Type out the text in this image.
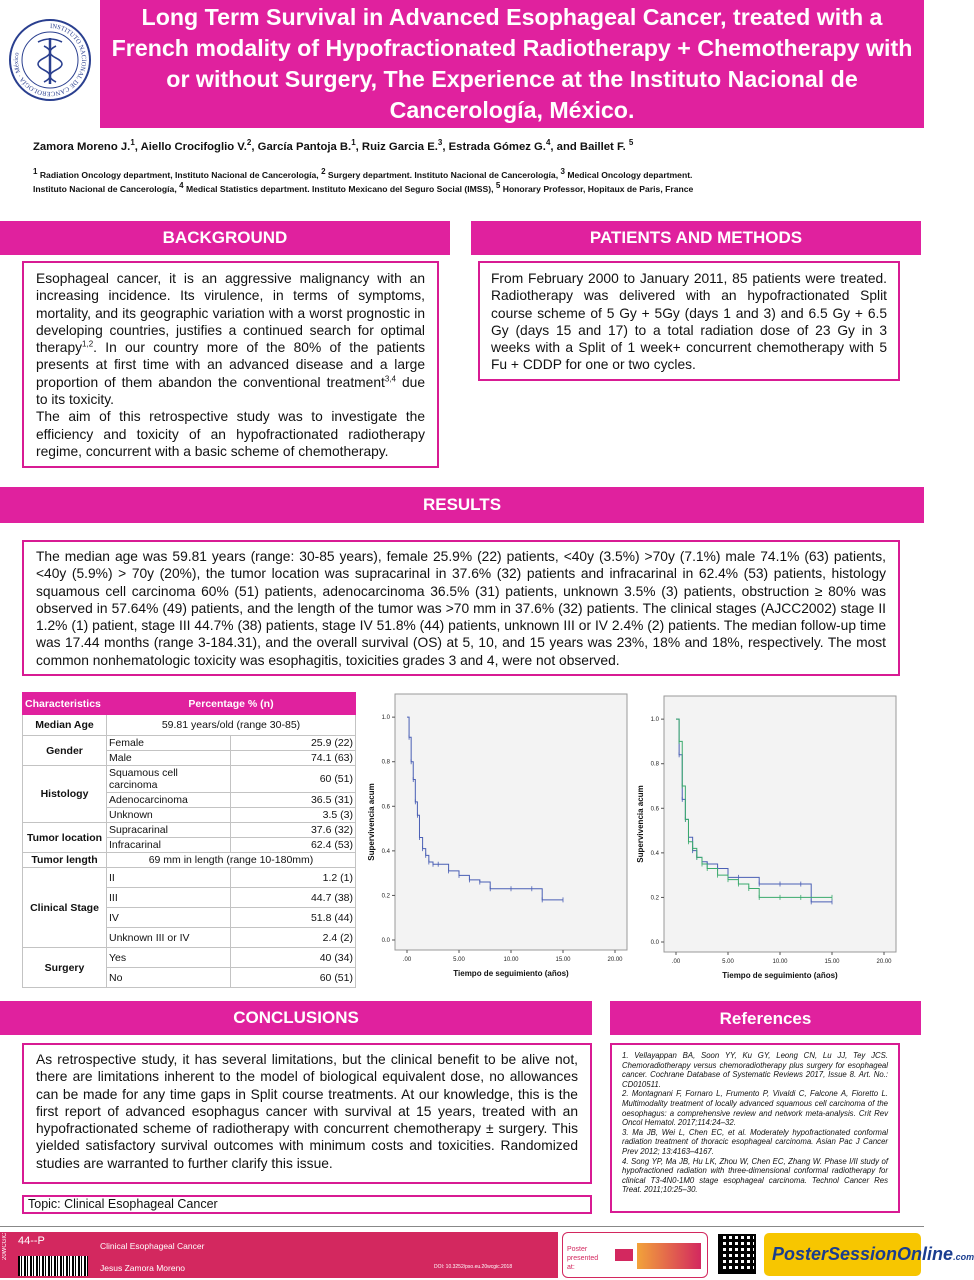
INSTITUTO NACIONAL DE CANCEROLOGÍA · México
Long Term Survival in Advanced Esophageal Cancer, treated with a French modality of Hypofractionated Radiotherapy + Chemotherapy with or without Surgery, The Experience at the Instituto Nacional de Cancerología, México.
Zamora Moreno J.$^1$, Aiello Crocifoglio V.$^2$, García Pantoja B.$^1$, Ruiz Garcia E.$^3$, Estrada Gómez G.$^4$, and Baillet F. $^5$
$^1$ Radiation Oncology department, Instituto Nacional de Cancerología, $^2$ Surgery department. Instituto Nacional de Cancerología, $^3$ Medical Oncology department.
Instituto Nacional de Cancerología, $^4$ Medical Statistics department. Instituto Mexicano del Seguro Social (IMSS), $^5$ Honorary Professor, Hopitaux de Paris, France
BACKGROUND
Esophageal cancer, it is an aggressive malignancy with an increasing incidence. Its virulence, in terms of symptoms, mortality, and its geographic variation with a worst prognostic in developing countries, justifies a continued search for optimal therapy$^{1,2}$. In our country more of the 80% of the patients presents at first time with an advanced disease and a large proportion of them abandon the conventional treatment$^{3,4}$ due to its toxicity.
The aim of this retrospective study was to investigate the efficiency and toxicity of an hypofractionated radiotherapy regime, concurrent with a basic scheme of chemotherapy.
PATIENTS AND METHODS
From February 2000 to January 2011, 85 patients were treated. Radiotherapy was delivered with an hypofractionated Split course scheme of 5 Gy + 5Gy (days 1 and 3) and 6.5 Gy + 6.5 Gy (days 15 and 17) to a total radiation dose of 23 Gy in 3 weeks with a Split of 1 week+ concurrent chemotherapy with 5 Fu + CDDP for one or two cycles.
RESULTS
The median age was 59.81 years (range: 30-85 years), female 25.9% (22) patients, <40y (3.5%) >70y (7.1%) male 74.1% (63) patients, <40y (5.9%) > 70y (20%), the tumor location was supracarinal in 37.6% (32) patients and infracarinal in 62.4% (53) patients, histology squamous cell carcinoma 60% (51) patients, adenocarcinoma 36.5% (31) patients, unknown 3.5% (3) patients, obstruction ≥ 80% was observed in 57.64% (49) patients, and the length of the tumor was >70 mm in 37.6% (32) patients. The clinical stages (AJCC2002) stage II 1.2% (1) patient, stage III 44.7% (38) patients, stage IV 51.8% (44) patients, unknown III or IV 2.4% (2) patients. The median follow-up time was 17.44 months (range 3-184.31), and the overall survival (OS) at 5, 10, and 15 years was 23%, 18% and 18%, respectively. The most common nonhematologic toxicity was esophagitis, toxicities grades 3 and 4, were not observed.
Characteristics	Percentage % (n)	
Median Age	59.81 years/old (range 30-85)	
Gender	Female	25.9 (22)
	Male	74.1 (63)
Histology	Squamous cell carcinoma	60 (51)
	Adenocarcinoma	36.5 (31)
	Unknown	3.5 (3)
Tumor location	Supracarinal	37.6 (32)
	Infracarinal	62.4 (53)
Tumor length	69 mm in length (range 10-180mm)	
Clinical Stage	II	1.2 (1)
	III	44.7 (38)
	IV	51.8 (44)
	Unknown III or IV	2.4 (2)
Surgery	Yes	40 (34)
	No	60 (51)
0.0
0.2
0.4
0.6
0.8
1.0
.00	5.00	10.00	15.00	20.00
Tiempo de seguimiento (años)
Supervivencia acum
0.0
0.2
0.4
0.6
0.8
1.0
.00	5.00	10.00	15.00	20.00
Tiempo de seguimiento (años)
Supervivencia acum
CONCLUSIONS
As retrospective study, it has several limitations, but the clinical benefit to be alive not, there are limitations inherent to the model of biological equivalent dose, no allowances can be made for any time gaps in Split course treatments. At our knowledge, this is the first report of advanced esophagus cancer with survival at 15 years, treated with an hypofractionated scheme of radiotherapy with concurrent chemotherapy ± surgery. This yielded satisfactory survival outcomes with minimum costs and toxicities. Randomized studies are warranted to further clarify this issue.
Topic: Clinical Esophageal Cancer
References
1. Vellayappan BA, Soon YY, Ku GY, Leong CN, Lu JJ, Tey JCS. Chemoradiotherapy versus chemoradiotherapy plus surgery for esophageal cancer. Cochrane Database of Systematic Reviews 2017, Issue 8. Art. No.: CD010511.
2. Montagnani F, Fornaro L, Frumento P, Vivaldi C, Falcone A, Fioretto L. Multimodality treatment of locally advanced squamous cell carcinoma of the oesophagus: a comprehensive review and network meta-analysis. Crit Rev Oncol Hematol. 2017;114:24–32.
3. Ma JB, Wei L, Chen EC, et al. Moderately hypofractionated conformal radiation treatment of thoracic esophageal carcinoma. Asian Pac J Cancer Prev 2012; 13:4163–4167.
4. Song YP, Ma JB, Hu LK, Zhou W, Chen EC, Zhang W. Phase I/II study of hypofractioned radiation with three-dimensional conformal radiotherapy for clinical T3-4N0-1M0 stage esophageal carcinoma. Technol Cancer Res Treat. 2011;10:25–30.
20WCGIC 44--P	Clinical Esophageal Cancer
Jesus Zamora Moreno	DOI: 10.3252/pso.eu.20wcgic.2018
Poster presented at:
PosterSessionOnline.com
